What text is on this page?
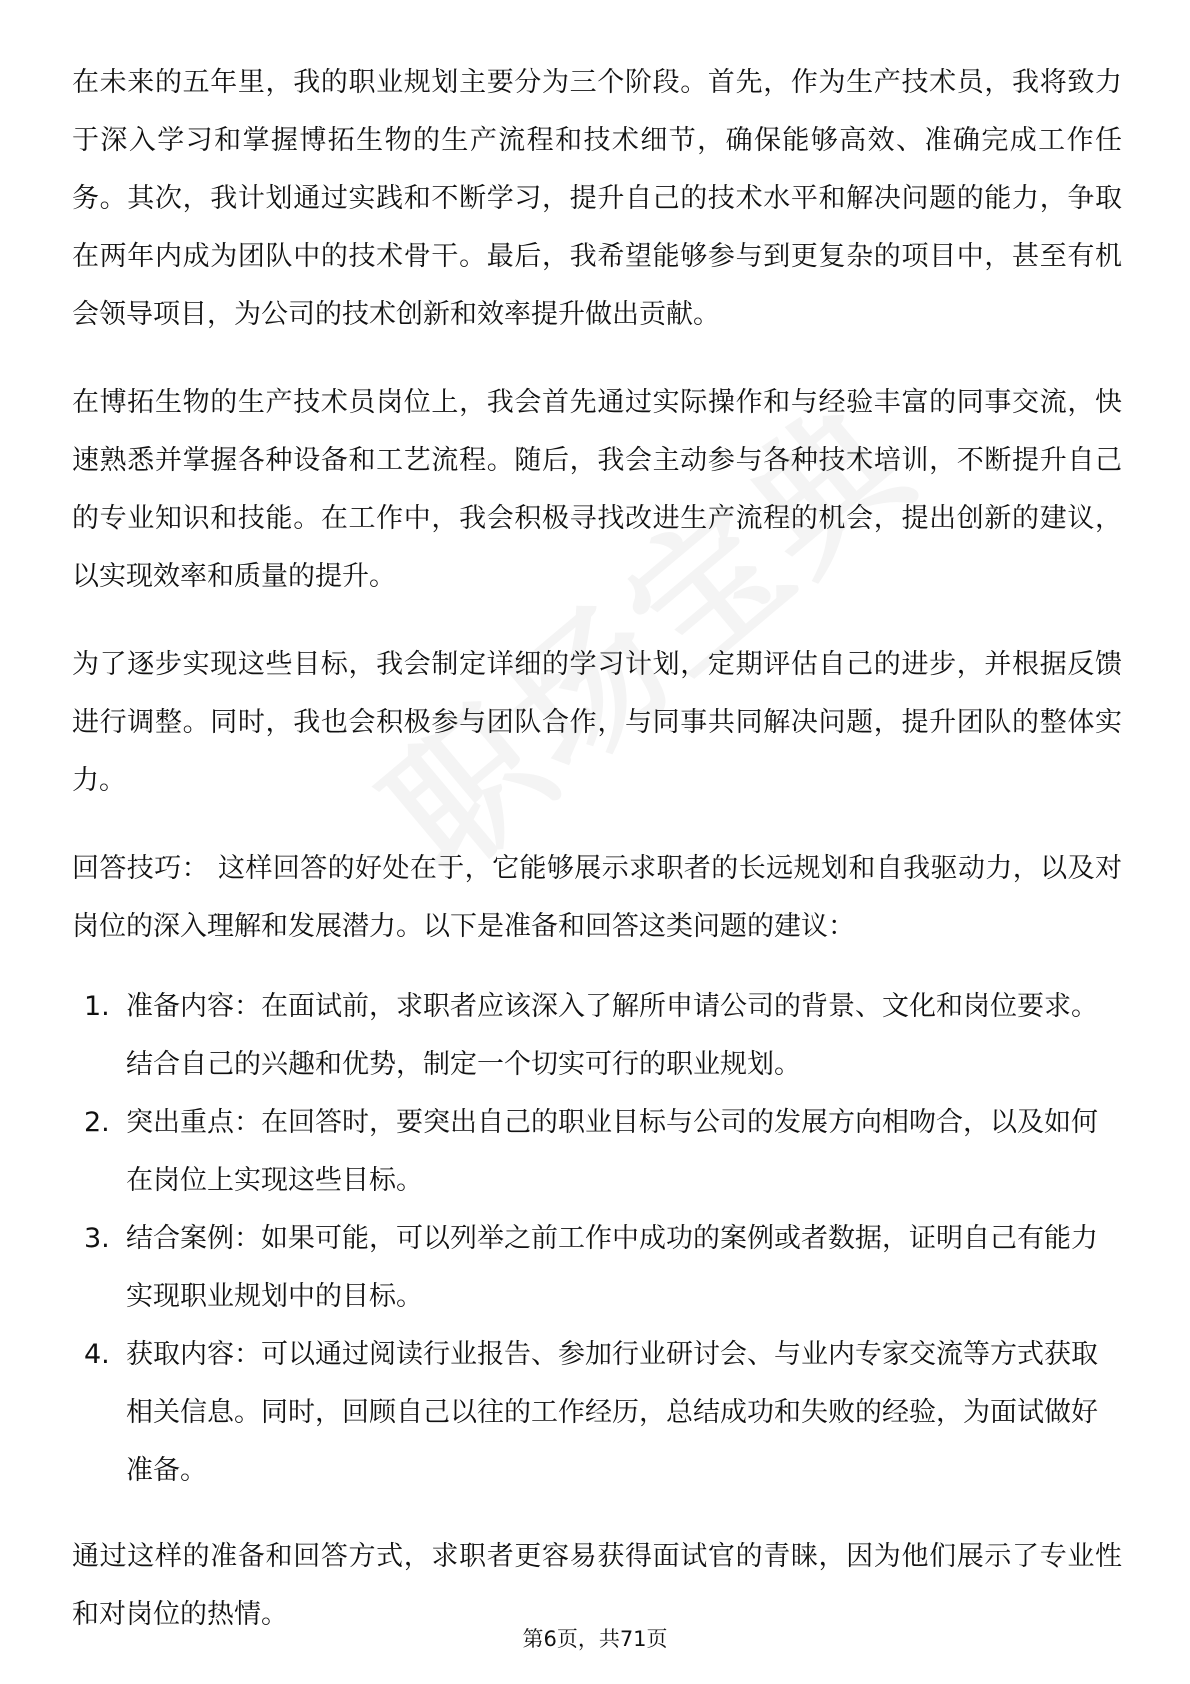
在未来的五年里，我的职业规划主要分为三个阶段。首先，作为生产技术员，我将致力于深入学习和掌握博拓生物的生产流程和技术细节，确保能够高效、准确完成工作任务。其次，我计划通过实践和不断学习，提升自己的技术水平和解决问题的能力，争取在两年内成为团队中的技术骨干。最后，我希望能够参与到更复杂的项目中，甚至有机会领导项目，为公司的技术创新和效率提升做出贡献。

在博拓生物的生产技术员岗位上，我会首先通过实际操作和与经验丰富的同事交流，快速熟悉并掌握各种设备和工艺流程。随后，我会主动参与各种技术培训，不断提升自己的专业知识和技能。在工作中，我会积极寻找改进生产流程的机会，提出创新的建议，以实现效率和质量的提升。

为了逐步实现这些目标，我会制定详细的学习计划，定期评估自己的进步，并根据反馈进行调整。同时，我也会积极参与团队合作，与同事共同解决问题，提升团队的整体实力。

回答技巧： 这样回答的好处在于，它能够展示求职者的长远规划和自我驱动力，以及对岗位的深入理解和发展潜力。以下是准备和回答这类问题的建议：

1. 准备内容：在面试前，求职者应该深入了解所申请公司的背景、文化和岗位要求。结合自己的兴趣和优势，制定一个切实可行的职业规划。
2. 突出重点：在回答时，要突出自己的职业目标与公司的发展方向相吻合，以及如何在岗位上实现这些目标。
3. 结合案例：如果可能，可以列举之前工作中成功的案例或者数据，证明自己有能力实现职业规划中的目标。
4. 获取内容：可以通过阅读行业报告、参加行业研讨会、与业内专家交流等方式获取相关信息。同时，回顾自己以往的工作经历，总结成功和失败的经验，为面试做好准备。

通过这样的准备和回答方式，求职者更容易获得面试官的青睐，因为他们展示了专业性和对岗位的热情。

第6页，共71页
